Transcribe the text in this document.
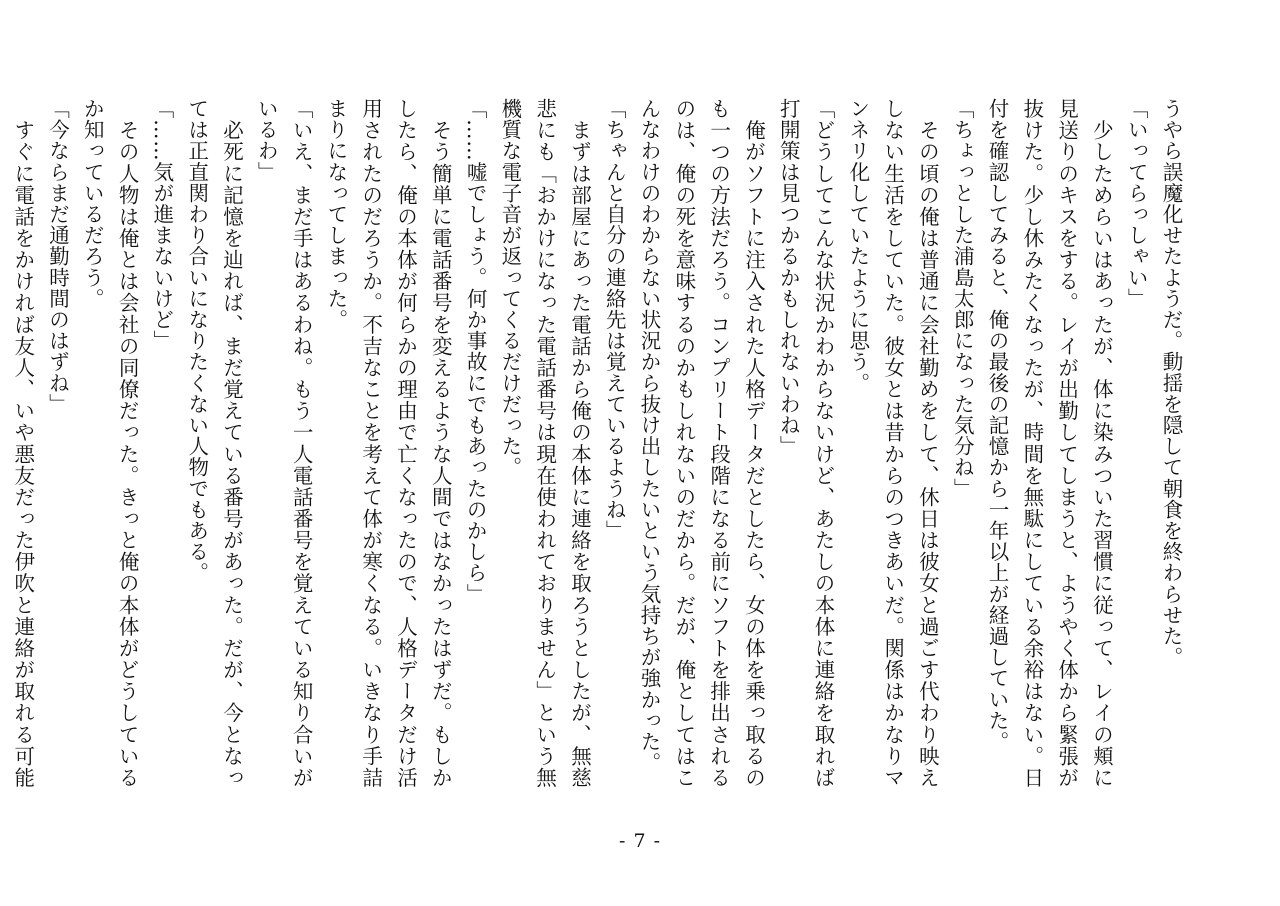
うやら誤魔化せたようだ。動揺を隠して朝食を終わらせた。

「いってらっしゃい」

　少しためらいはあったが、体に染みついた習慣に従って、レイの頬に見送りのキスをする。レイが出勤してしまうと、ようやく体から緊張が抜けた。少し休みたくなったが、時間を無駄にしている余裕はない。日付を確認してみると、俺の最後の記憶から一年以上が経過していた。

「ちょっとした浦島太郎になった気分ね」

　その頃の俺は普通に会社勤めをして、休日は彼女と過ごす代わり映えしない生活をしていた。彼女とは昔からのつきあいだ。関係はかなりマンネリ化していたように思う。

「どうしてこんな状況かわからないけど、あたしの本体に連絡を取れば打開策は見つかるかもしれないわね」

　俺がソフトに注入された人格データだとしたら、女の体を乗っ取るのも一つの方法だろう。コンプリート段階になる前にソフトを排出されるのは、俺の死を意味するのかもしれないのだから。だが、俺としてはこんなわけのわからない状況から抜け出したいという気持ちが強かった。

「ちゃんと自分の連絡先は覚えているようね」

　まずは部屋にあった電話から俺の本体に連絡を取ろうとしたが、無慈悲にも「おかけになった電話番号は現在使われておりません」という無機質な電子音が返ってくるだけだった。

「……嘘でしょう。何か事故にでもあったのかしら」

　そう簡単に電話番号を変えるような人間ではなかったはずだ。もしかしたら、俺の本体が何らかの理由で亡くなったので、人格データだけ活用されたのだろうか。不吉なことを考えて体が寒くなる。いきなり手詰まりになってしまった。

「いえ、まだ手はあるわね。もう一人電話番号を覚えている知り合いがいるわ」

　必死に記憶を辿れば、まだ覚えている番号があった。だが、今となっては正直関わり合いになりたくない人物でもある。

「……気が進まないけど」

　その人物は俺とは会社の同僚だった。きっと俺の本体がどうしているか知っているだろう。

「今ならまだ通勤時間のはずね」

　すぐに電話をかければ友人、いや悪友だった伊吹と連絡が取れる可能

- 7 -
